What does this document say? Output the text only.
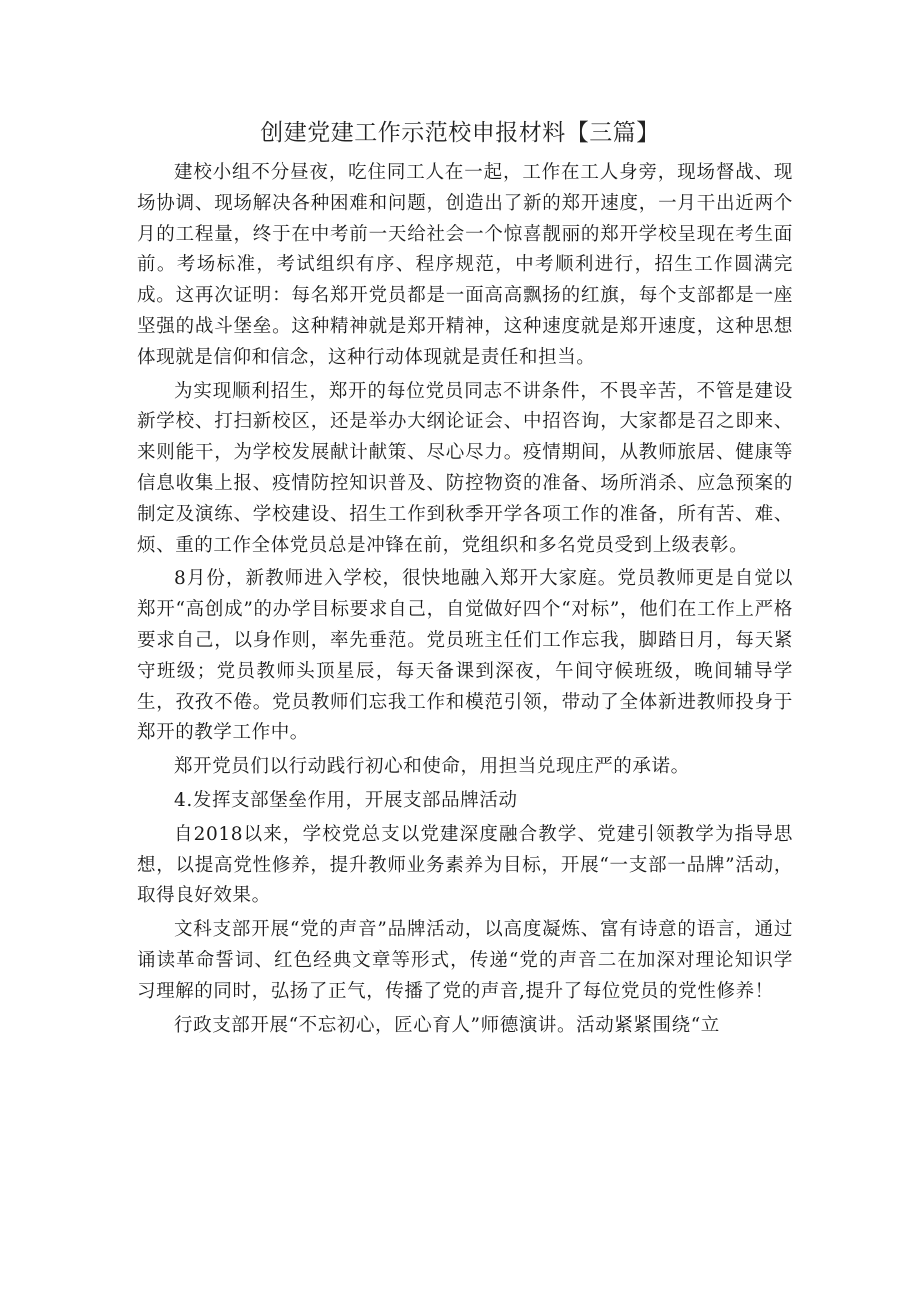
创建党建工作示范校申报材料【三篇】

建校小组不分昼夜，吃住同工人在一起，工作在工人身旁，现场督战、现场协调、现场解决各种困难和问题，创造出了新的郑开速度，一月干出近两个月的工程量，终于在中考前一天给社会一个惊喜靓丽的郑开学校呈现在考生面前。考场标准，考试组织有序、程序规范，中考顺利进行，招生工作圆满完成。这再次证明：每名郑开党员都是一面高高飘扬的红旗，每个支部都是一座坚强的战斗堡垒。这种精神就是郑开精神，这种速度就是郑开速度，这种思想体现就是信仰和信念，这种行动体现就是责任和担当。

为实现顺利招生，郑开的每位党员同志不讲条件，不畏辛苦，不管是建设新学校、打扫新校区，还是举办大纲论证会、中招咨询，大家都是召之即来、来则能干，为学校发展献计献策、尽心尽力。疫情期间，从教师旅居、健康等信息收集上报、疫情防控知识普及、防控物资的准备、场所消杀、应急预案的制定及演练、学校建设、招生工作到秋季开学各项工作的准备，所有苦、难、烦、重的工作全体党员总是冲锋在前，党组织和多名党员受到上级表彰。

8月份，新教师进入学校，很快地融入郑开大家庭。党员教师更是自觉以郑开“高创成”的办学目标要求自己，自觉做好四个“对标”，他们在工作上严格要求自己，以身作则，率先垂范。党员班主任们工作忘我，脚踏日月，每天紧守班级；党员教师头顶星辰，每天备课到深夜，午间守候班级，晚间辅导学生，孜孜不倦。党员教师们忘我工作和模范引领，带动了全体新进教师投身于郑开的教学工作中。

郑开党员们以行动践行初心和使命，用担当兑现庄严的承诺。

4.发挥支部堡垒作用，开展支部品牌活动

自2018以来，学校党总支以党建深度融合教学、党建引领教学为指导思想，以提高党性修养，提升教师业务素养为目标，开展“一支部一品牌”活动，取得良好效果。

文科支部开展“党的声音”品牌活动，以高度凝炼、富有诗意的语言，通过诵读革命誓词、红色经典文章等形式，传递“党的声音二在加深对理论知识学习理解的同时，弘扬了正气，传播了党的声音,提升了每位党员的党性修养！

行政支部开展“不忘初心，匠心育人”师德演讲。活动紧紧围绕“立
